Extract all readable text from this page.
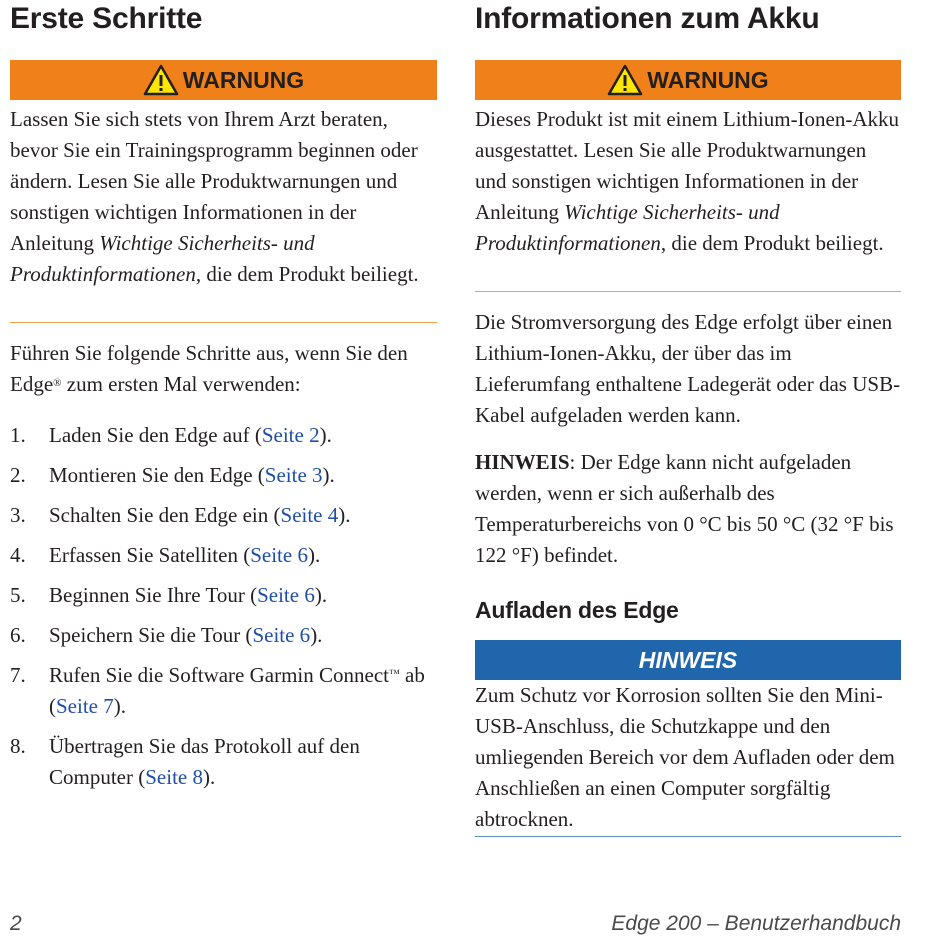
Erste Schritte
WARNUNG

Lassen Sie sich stets von Ihrem Arzt beraten, bevor Sie ein Trainingsprogramm beginnen oder ändern. Lesen Sie alle Produktwarnungen und sonstigen wichtigen Informationen in der Anleitung Wichtige Sicherheits- und Produktinformationen, die dem Produkt beiliegt.

Führen Sie folgende Schritte aus, wenn Sie den Edge® zum ersten Mal verwenden:

1.	Laden Sie den Edge auf (Seite 2).
2.	Montieren Sie den Edge (Seite 3).
3.	Schalten Sie den Edge ein (Seite 4).
4.	Erfassen Sie Satelliten (Seite 6).
5.	Beginnen Sie Ihre Tour (Seite 6).
6.	Speichern Sie die Tour (Seite 6).
7.	Rufen Sie die Software Garmin Connect™ ab (Seite 7).
8.	Übertragen Sie das Protokoll auf den Computer (Seite 8).
2
Informationen zum Akku
WARNUNG

Dieses Produkt ist mit einem Lithium-Ionen-Akku ausgestattet. Lesen Sie alle Produktwarnungen und sonstigen wichtigen Informationen in der Anleitung Wichtige Sicherheits- und Produktinformationen, die dem Produkt beiliegt.

Die Stromversorgung des Edge erfolgt über einen Lithium-Ionen-Akku, der über das im Lieferumfang enthaltene Ladegerät oder das USB-Kabel aufgeladen werden kann.

HINWEIS: Der Edge kann nicht aufgeladen werden, wenn er sich außerhalb des Temperaturbereichs von 0 °C bis 50 °C (32 °F bis 122 °F) befindet.

Aufladen des Edge
HINWEIS

Zum Schutz vor Korrosion sollten Sie den Mini-USB-Anschluss, die Schutzkappe und den umliegenden Bereich vor dem Aufladen oder dem Anschließen an einen Computer sorgfältig abtrocknen.

Edge 200 – Benutzerhandbuch
